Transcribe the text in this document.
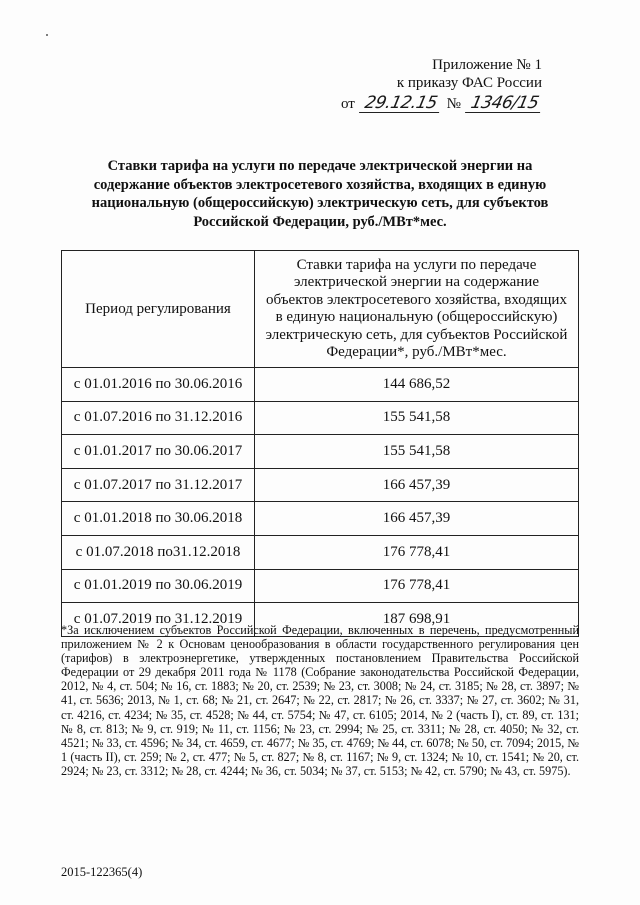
Приложение № 1
к приказу ФАС России
от 29.12.15 № 1346/15
Ставки тарифа на услуги по передаче электрической энергии на содержание объектов электросетевого хозяйства, входящих в единую национальную (общероссийскую) электрическую сеть, для субъектов Российской Федерации, руб./МВт*мес.
Период регулирования	Ставки тарифа на услуги по передаче электрической энергии на содержание объектов электросетевого хозяйства, входящих в единую национальную (общероссийскую) электрическую сеть, для субъектов Российской Федерации*, руб./МВт*мес.
с 01.01.2016 по 30.06.2016	144 686,52
с 01.07.2016 по 31.12.2016	155 541,58
с 01.01.2017 по 30.06.2017	155 541,58
с 01.07.2017 по 31.12.2017	166 457,39
с 01.01.2018 по 30.06.2018	166 457,39
с 01.07.2018 по31.12.2018	176 778,41
с 01.01.2019 по 30.06.2019	176 778,41
с 01.07.2019 по 31.12.2019	187 698,91
*За исключением субъектов Российской Федерации, включенных в перечень, предусмотренный приложением № 2 к Основам ценообразования в области государственного регулирования цен (тарифов) в электроэнергетике, утвержденных постановлением Правительства Российской Федерации от 29 декабря 2011 года № 1178 (Собрание законодательства Российской Федерации, 2012, № 4, ст. 504; № 16, ст. 1883; № 20, ст. 2539; № 23, ст. 3008; № 24, ст. 3185; № 28, ст. 3897; № 41, ст. 5636; 2013, № 1, ст. 68; № 21, ст. 2647; № 22, ст. 2817; № 26, ст. 3337; № 27, ст. 3602; № 31, ст. 4216, ст. 4234; № 35, ст. 4528; № 44, ст. 5754; № 47, ст. 6105; 2014, № 2 (часть I), ст. 89, ст. 131; № 8, ст. 813; № 9, ст. 919; № 11, ст. 1156; № 23, ст. 2994; № 25, ст. 3311; № 28, ст. 4050; № 32, ст. 4521; № 33, ст. 4596; № 34, ст. 4659, ст. 4677; № 35, ст. 4769; № 44, ст. 6078; № 50, ст. 7094; 2015, № 1 (часть II), ст. 259; № 2, ст. 477; № 5, ст. 827; № 8, ст. 1167; № 9, ст. 1324; № 10, ст. 1541; № 20, ст. 2924; № 23, ст. 3312; № 28, ст. 4244; № 36, ст. 5034; № 37, ст. 5153; № 42, ст. 5790; № 43, ст. 5975).
2015-122365(4)
